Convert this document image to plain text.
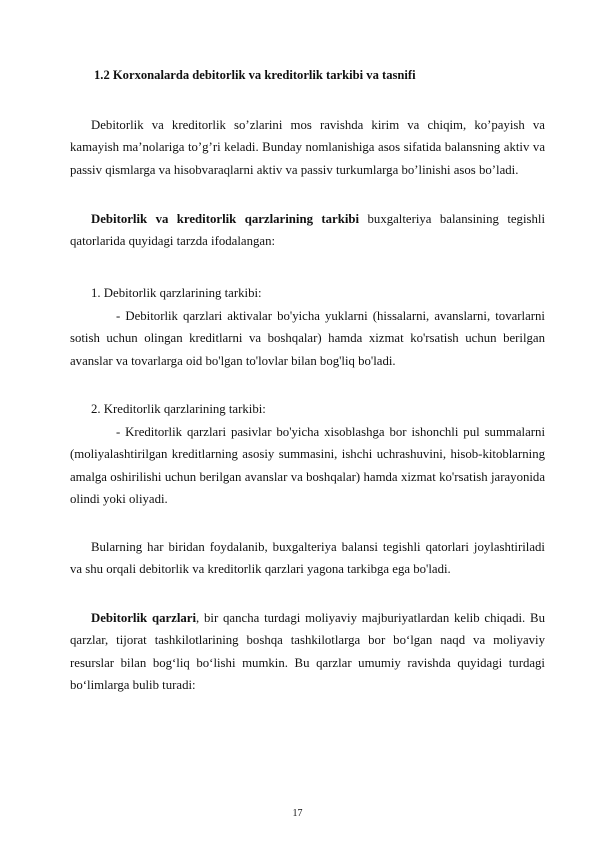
1.2 Korxonalarda debitorlik va kreditorlik tarkibi va tasnifi
Debitorlik va kreditorlik so’zlarini mos ravishda kirim va chiqim, ko’payish va kamayish ma’nolariga to’g’ri keladi. Bunday nomlanishiga asos sifatida balansning aktiv va passiv qismlarga va hisobvaraqlarni aktiv va passiv turkumlarga bo’linishi asos bo’ladi.
Debitorlik va kreditorlik qarzlarining tarkibi buxgalteriya balansining tegishli qatorlarida quyidagi tarzda ifodalangan:
1. Debitorlik qarzlarining tarkibi:
- Debitorlik qarzlari aktivalar bo'yicha yuklarni (hissalarni, avanslarni, tovarlarni sotish uchun olingan kreditlarni va boshqalar) hamda xizmat ko'rsatish uchun berilgan avanslar va tovarlarga oid bo'lgan to'lovlar bilan bog'liq bo'ladi.
2. Kreditorlik qarzlarining tarkibi:
- Kreditorlik qarzlari pasivlar bo'yicha xisoblashga bor ishonchli pul summalarni (moliyalashtirilgan kreditlarning asosiy summasini, ishchi uchrashuvini, hisob-kitoblarning amalga oshirilishi uchun berilgan avanslar va boshqalar) hamda xizmat ko'rsatish jarayonida olindi yoki oliyadi.
Bularning har biridan foydalanib, buxgalteriya balansi tegishli qatorlari joylashtiriladi va shu orqali debitorlik va kreditorlik qarzlari yagona tarkibga ega bo'ladi.
Debitorlik qarzlari, bir qancha turdagi moliyaviy majburiyatlardan kelib chiqadi. Bu qarzlar, tijorat tashkilotlarining boshqa tashkilotlarga bor bo‘lgan naqd va moliyaviy resurslar bilan bog‘liq bo‘lishi mumkin. Bu qarzlar umumiy ravishda quyidagi turdagi bo‘limlarga bulib turadi:
17
